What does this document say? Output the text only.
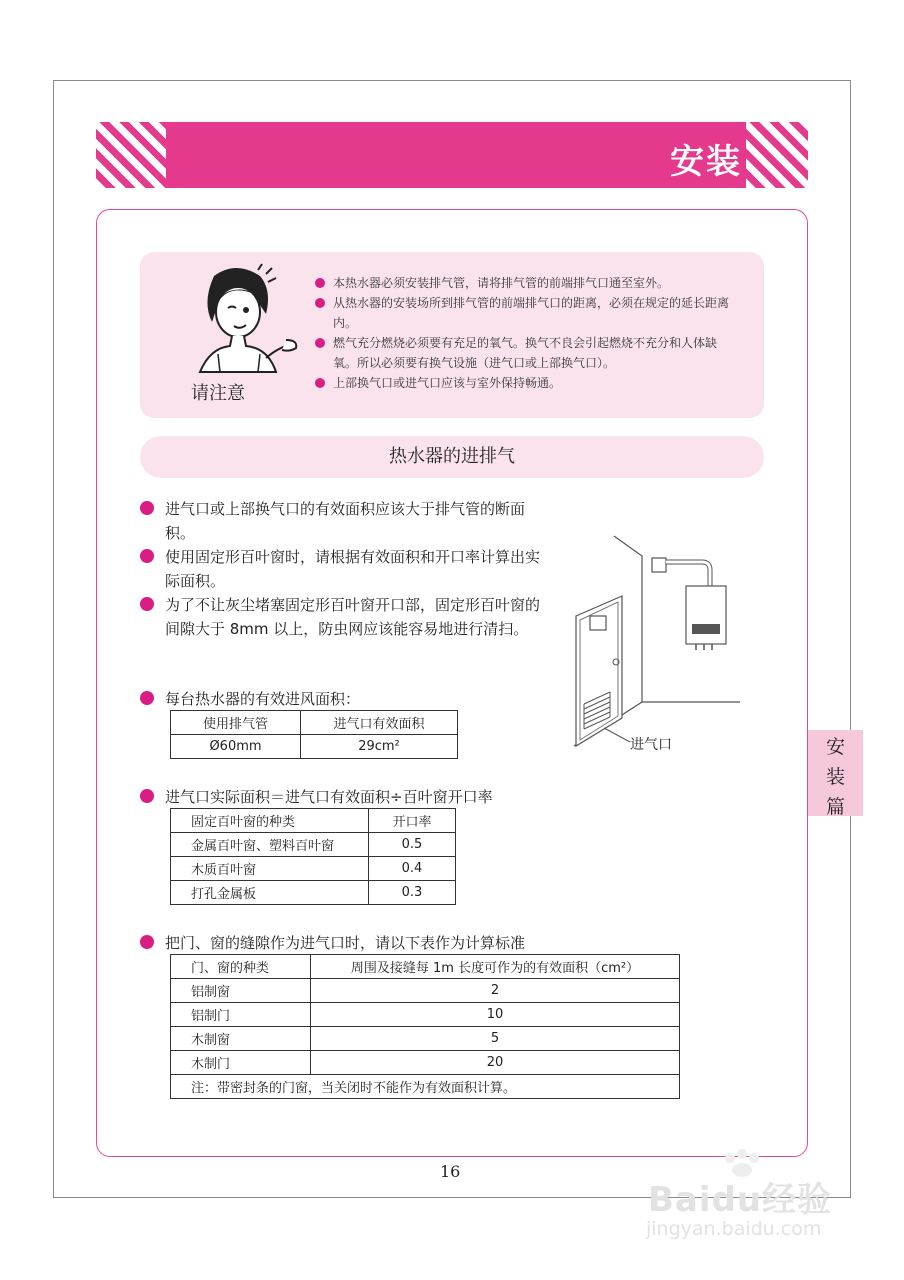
安装
请注意
本热水器必须安装排气管，请将排气管的前端排气口通至室外。
从热水器的安装场所到排气管的前端排气口的距离，必须在规定的延长距离内。
燃气充分燃烧必须要有充足的氧气。换气不良会引起燃烧不充分和人体缺氧。所以必须要有换气设施（进气口或上部换气口）。
上部换气口或进气口应该与室外保持畅通。
热水器的进排气
进气口或上部换气口的有效面积应该大于排气管的断面积。
使用固定形百叶窗时，请根据有效面积和开口率计算出实际面积。
为了不让灰尘堵塞固定形百叶窗开口部，固定形百叶窗的间隙大于 8mm 以上，防虫网应该能容易地进行清扫。
进气口
每台热水器的有效进风面积：
使用排气管	进气口有效面积
Ø60mm	29cm²
进气口实际面积＝进气口有效面积÷百叶窗开口率
固定百叶窗的种类	开口率
金属百叶窗、塑料百叶窗	0.5
木质百叶窗	0.4
打孔金属板	0.3
把门、窗的缝隙作为进气口时，请以下表作为计算标准
门、窗的种类	周围及接缝每 1m 长度可作为的有效面积（cm²）
铝制窗	2
铝制门	10
木制窗	5
木制门	20
注：带密封条的门窗，当关闭时不能作为有效面积计算。	
安
装
篇
16
Baidu经验
jingyan.baidu.com
